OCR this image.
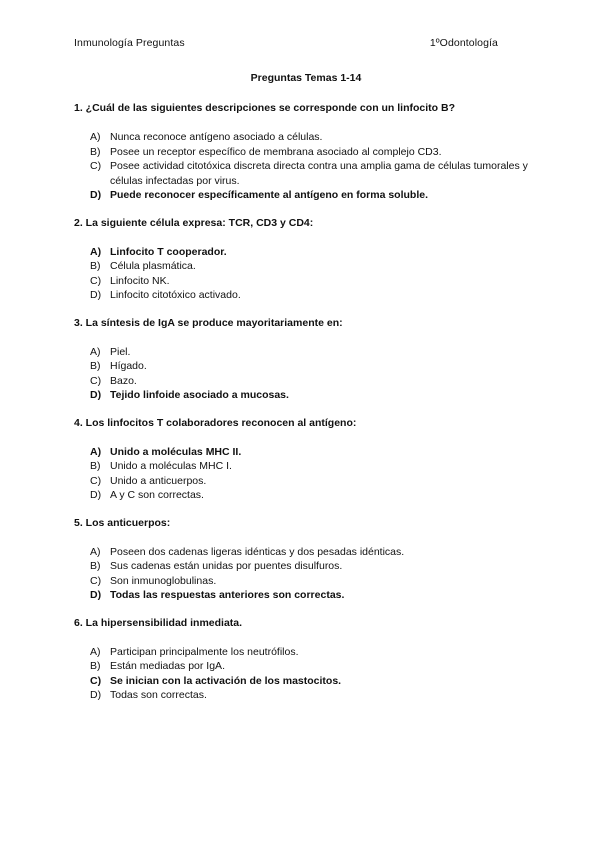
Inmunología Preguntas	1ºOdontología
Preguntas Temas 1-14

1. ¿Cuál de las siguientes descripciones se corresponde con un linfocito B?

A) Nunca reconoce antígeno asociado a células.
B) Posee un receptor específico de membrana asociado al complejo CD3.
C) Posee actividad citotóxica discreta directa contra una amplia gama de células tumorales y células infectadas por virus.
D) Puede reconocer específicamente al antígeno en forma soluble.

2. La siguiente célula expresa: TCR, CD3 y CD4:

A) Linfocito T cooperador.
B) Célula plasmática.
C) Linfocito NK.
D) Linfocito citotóxico activado.

3. La síntesis de IgA se produce mayoritariamente en:

A) Piel.
B) Hígado.
C) Bazo.
D) Tejido linfoide asociado a mucosas.

4. Los linfocitos T colaboradores reconocen al antígeno:

A) Unido a moléculas MHC II.
B) Unido a moléculas MHC I.
C) Unido a anticuerpos.
D) A y C son correctas.

5. Los anticuerpos:

A) Poseen dos cadenas ligeras idénticas y dos pesadas idénticas.
B) Sus cadenas están unidas por puentes disulfuros.
C) Son inmunoglobulinas.
D) Todas las respuestas anteriores son correctas.

6. La hipersensibilidad inmediata.

A) Participan principalmente los neutrófilos.
B) Están mediadas por IgA.
C) Se inician con la activación de los mastocitos.
D) Todas son correctas.
